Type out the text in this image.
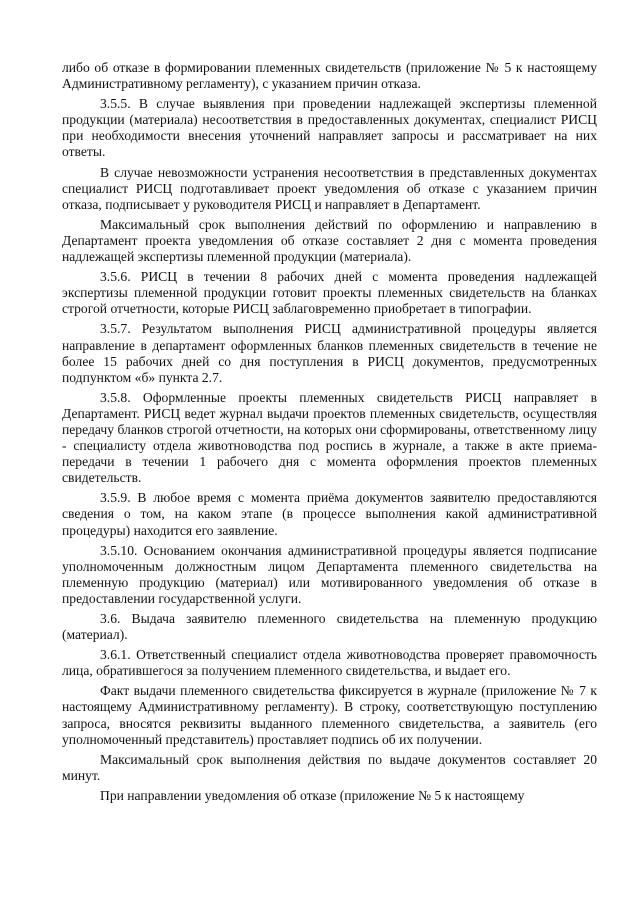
либо об отказе в формировании племенных свидетельств (приложение № 5 к настоящему Административному регламенту), с указанием причин отказа.

3.5.5. В случае выявления при проведении надлежащей экспертизы племенной продукции (материала) несоответствия в предоставленных документах, специалист РИСЦ при необходимости внесения уточнений направляет запросы и рассматривает на них ответы.

В случае невозможности устранения несоответствия в представленных документах специалист РИСЦ подготавливает проект уведомления об отказе с указанием причин отказа, подписывает у руководителя РИСЦ и направляет в Департамент.

Максимальный срок выполнения действий по оформлению и направлению в Департамент проекта уведомления об отказе составляет 2 дня с момента проведения надлежащей экспертизы племенной продукции (материала).

3.5.6. РИСЦ в течении 8 рабочих дней с момента проведения надлежащей экспертизы племенной продукции готовит проекты племенных свидетельств на бланках строгой отчетности, которые РИСЦ заблаговременно приобретает в типографии.

3.5.7. Результатом выполнения РИСЦ административной процедуры является направление в департамент оформленных бланков племенных свидетельств в течение не более 15 рабочих дней со дня поступления в РИСЦ документов, предусмотренных подпунктом «б» пункта 2.7.

3.5.8. Оформленные проекты племенных свидетельств РИСЦ направляет в Департамент. РИСЦ ведет журнал выдачи проектов племенных свидетельств, осуществляя передачу бланков строгой отчетности, на которых они сформированы, ответственному лицу - специалисту отдела животноводства под роспись в журнале, а также в акте приема-передачи в течении 1 рабочего дня с момента оформления проектов племенных свидетельств.

3.5.9. В любое время с момента приёма документов заявителю предоставляются сведения о том, на каком этапе (в процессе выполнения какой административной процедуры) находится его заявление.

3.5.10. Основанием окончания административной процедуры является подписание уполномоченным должностным лицом Департамента племенного свидетельства на племенную продукцию (материал) или мотивированного уведомления об отказе в предоставлении государственной услуги.

3.6. Выдача заявителю племенного свидетельства на племенную продукцию (материал).

3.6.1. Ответственный специалист отдела животноводства проверяет правомочность лица, обратившегося за получением племенного свидетельства, и выдает его.

Факт выдачи племенного свидетельства фиксируется в журнале (приложение № 7 к настоящему Административному регламенту). В строку, соответствующую поступлению запроса, вносятся реквизиты выданного племенного свидетельства, а заявитель (его уполномоченный представитель) проставляет подпись об их получении.

Максимальный срок выполнения действия по выдаче документов составляет 20 минут.

При направлении уведомления об отказе (приложение № 5 к настоящему
